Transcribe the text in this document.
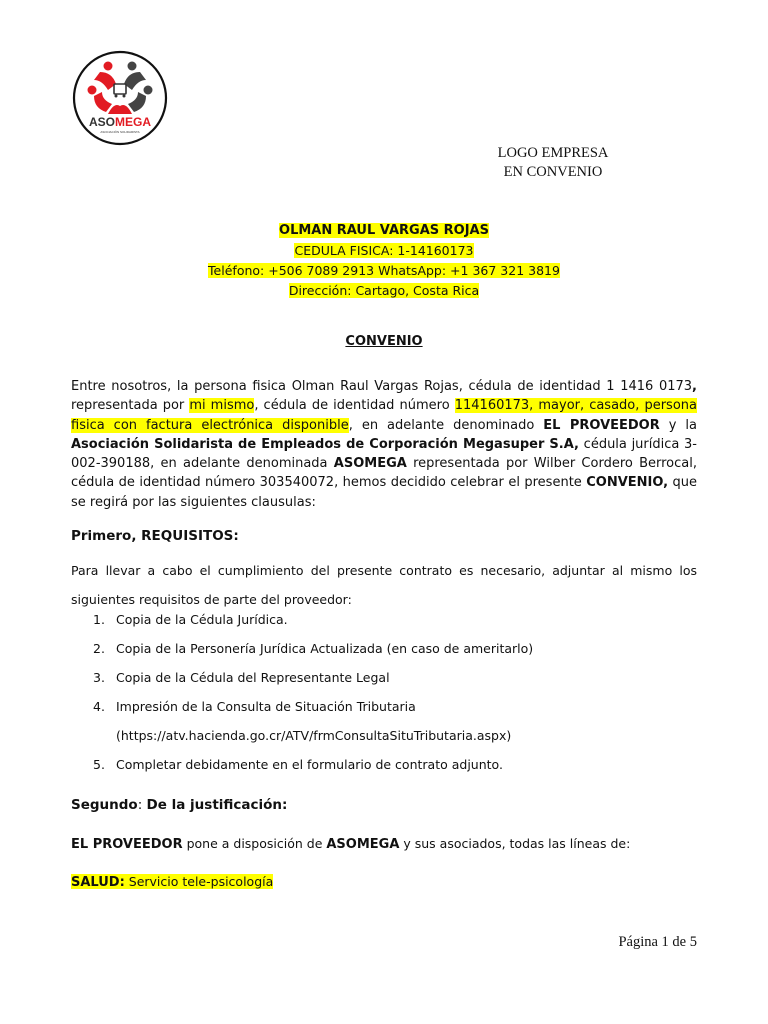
ASOMEGA
ASOCIACIÓN SOLIDARISTA
LOGO EMPRESA
EN CONVENIO
OLMAN RAUL VARGAS ROJAS
CEDULA FISICA: 1-14160173
Teléfono: +506 7089 2913 WhatsApp: +1 367 321 3819
Dirección: Cartago, Costa Rica
CONVENIO
Entre nosotros, la persona fisica Olman Raul Vargas Rojas, cédula de identidad 1 1416 0173, representada por mi mismo, cédula de identidad número 114160173, mayor, casado, persona fisica con factura electrónica disponible, en adelante denominado EL PROVEEDOR y la Asociación Solidarista de Empleados de Corporación Megasuper S.A, cédula jurídica 3-002-390188, en adelante denominada ASOMEGA representada por Wilber Cordero Berrocal, cédula de identidad número 303540072, hemos decidido celebrar el presente CONVENIO, que se regirá por las siguientes clausulas:
Primero, REQUISITOS:
Para llevar a cabo el cumplimiento del presente contrato es necesario, adjuntar al mismo los siguientes requisitos de parte del proveedor:
1. Copia de la Cédula Jurídica.
2. Copia de la Personería Jurídica Actualizada (en caso de ameritarlo)
3. Copia de la Cédula del Representante Legal
4. Impresión de la Consulta de Situación Tributaria
(https://atv.hacienda.go.cr/ATV/frmConsultaSituTributaria.aspx)
5. Completar debidamente en el formulario de contrato adjunto.
Segundo: De la justificación:
EL PROVEEDOR pone a disposición de ASOMEGA y sus asociados, todas las líneas de:
SALUD: Servicio tele-psicología
Página 1 de 5
